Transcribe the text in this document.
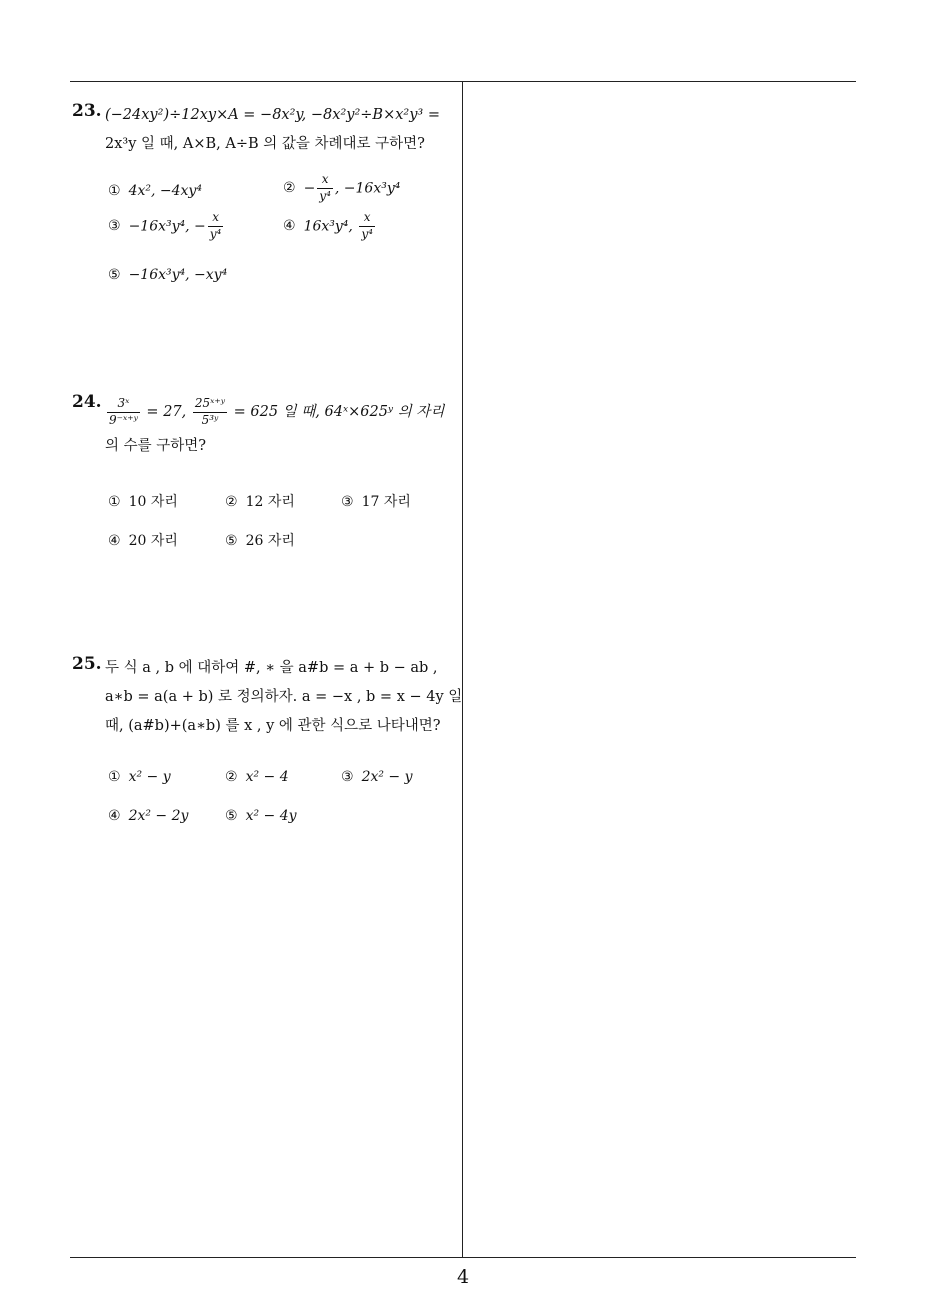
23. (−24xy²)÷12xy×A = −8x²y, −8x²y²÷B×x²y³ =
2x³y 일 때, A×B, A÷B 의 값을 차례대로 구하면?
① 4x², −4xy⁴	② − $\frac{x}{\text{y⁴}}$ , −16x³y⁴
③ −16x³y⁴, − $\frac{x}{\text{y⁴}}$	④ 16x³y⁴, $\frac{x}{\text{y⁴}}$
⑤ −16x³y⁴, −xy⁴
24. $\frac{\text{3ˣ}}{\text{9⁻ˣ⁺ʸ}} = 27$, $\frac{\text{25ˣ⁺ʸ}}{\text{5³ʸ}} = 625$ 일 때, 64ˣ×625ʸ 의 자리
의 수를 구하면?
① 10 자리	② 12 자리	③ 17 자리
④ 20 자리	⑤ 26 자리
25. 두 식 a , b 에 대하여 #, ∗ 을 a#b = a + b − ab ,
a∗b = a(a + b) 로 정의하자. a = −x , b = x − 4y 일
때, (a#b)+(a∗b) 를 x , y 에 관한 식으로 나타내면?
① x² − y	② x² − 4	③ 2x² − y
④ 2x² − 2y	⑤ x² − 4y
4
